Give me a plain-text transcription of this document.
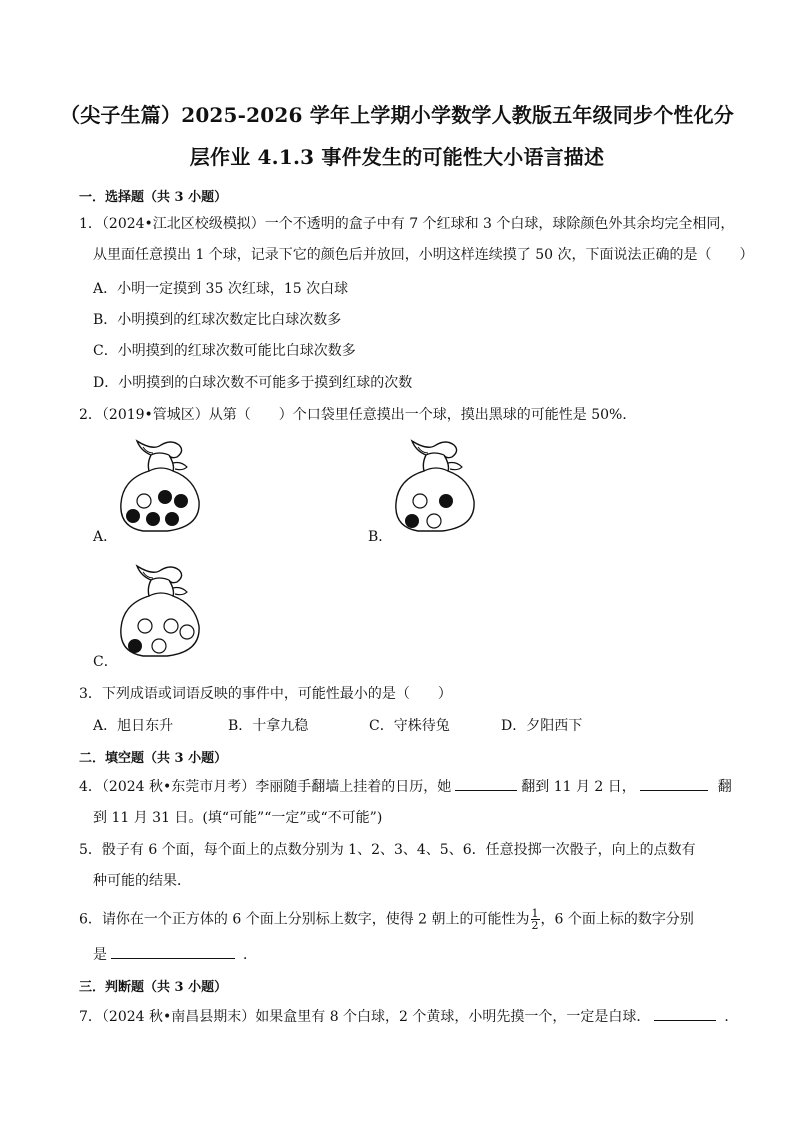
（尖子生篇）2025-2026 学年上学期小学数学人教版五年级同步个性化分
层作业 4.1.3 事件发生的可能性大小语言描述
一．选择题（共 3 小题）
1．（2024•江北区校级模拟）一个不透明的盒子中有 7 个红球和 3 个白球，球除颜色外其余均完全相同，
从里面任意摸出 1 个球，记录下它的颜色后并放回，小明这样连续摸了 50 次，下面说法正确的是（　　）
A．小明一定摸到 35 次红球，15 次白球
B．小明摸到的红球次数定比白球次数多
C．小明摸到的红球次数可能比白球次数多
D．小明摸到的白球次数不可能多于摸到红球的次数
2．（2019•管城区）从第（　　）个口袋里任意摸出一个球，摸出黑球的可能性是 50%．
A．	B．
C．
3．下列成语或词语反映的事件中，可能性最小的是（　　）
A．旭日东升	B．十拿九稳	C．守株待兔	D．夕阳西下
二．填空题（共 3 小题）
4．（2024 秋•东莞市月考）李丽随手翻墙上挂着的日历，她	翻到 11 月 2 日，	翻
到 11 月 31 日。(填“可能”“一定”或“不可能”)
5．骰子有 6 个面，每个面上的点数分别为 1、2、3、4、5、6．任意投掷一次骰子，向上的点数有
种可能的结果．
6．请你在一个正方体的 6 个面上分别标上数字，使得 2 朝上的可能性为 $\frac{1}{2}$ ，6 个面上标的数字分别
是	．
三．判断题（共 3 小题）
7．（2024 秋•南昌县期末）如果盒里有 8 个白球，2 个黄球，小明先摸一个，一定是白球．	．
